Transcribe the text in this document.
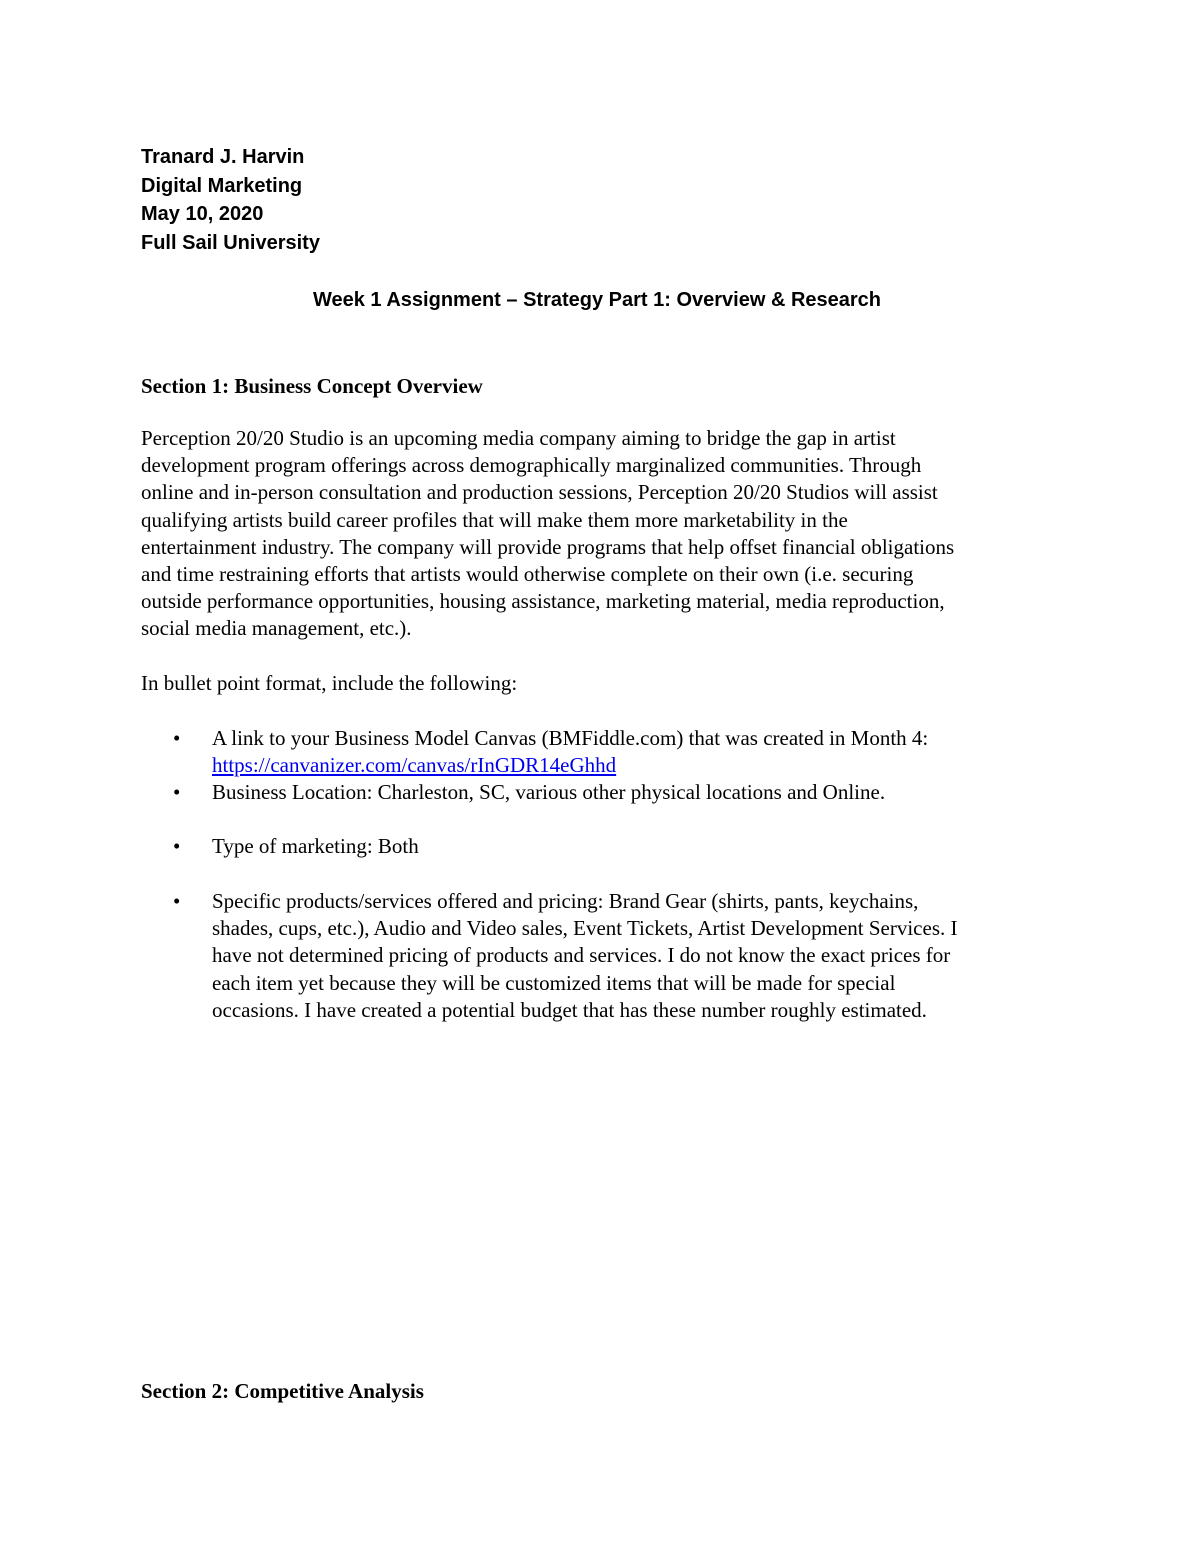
Tranard J. Harvin
Digital Marketing
May 10, 2020
Full Sail University
Week 1 Assignment – Strategy Part 1: Overview & Research
Section 1: Business Concept Overview
Perception 20/20 Studio is an upcoming media company aiming to bridge the gap in artist
development program offerings across demographically marginalized communities. Through
online and in-person consultation and production sessions, Perception 20/20 Studios will assist
qualifying artists build career profiles that will make them more marketability in the
entertainment industry. The company will provide programs that help offset financial obligations
and time restraining efforts that artists would otherwise complete on their own (i.e. securing
outside performance opportunities, housing assistance, marketing material, media reproduction,
social media management, etc.).
In bullet point format, include the following:
• A link to your Business Model Canvas (BMFiddle.com) that was created in Month 4:
https://canvanizer.com/canvas/rInGDR14eGhhd
• Business Location: Charleston, SC, various other physical locations and Online.
• Type of marketing: Both
• Specific products/services offered and pricing: Brand Gear (shirts, pants, keychains,
shades, cups, etc.), Audio and Video sales, Event Tickets, Artist Development Services. I
have not determined pricing of products and services. I do not know the exact prices for
each item yet because they will be customized items that will be made for special
occasions. I have created a potential budget that has these number roughly estimated.
Section 2: Competitive Analysis
